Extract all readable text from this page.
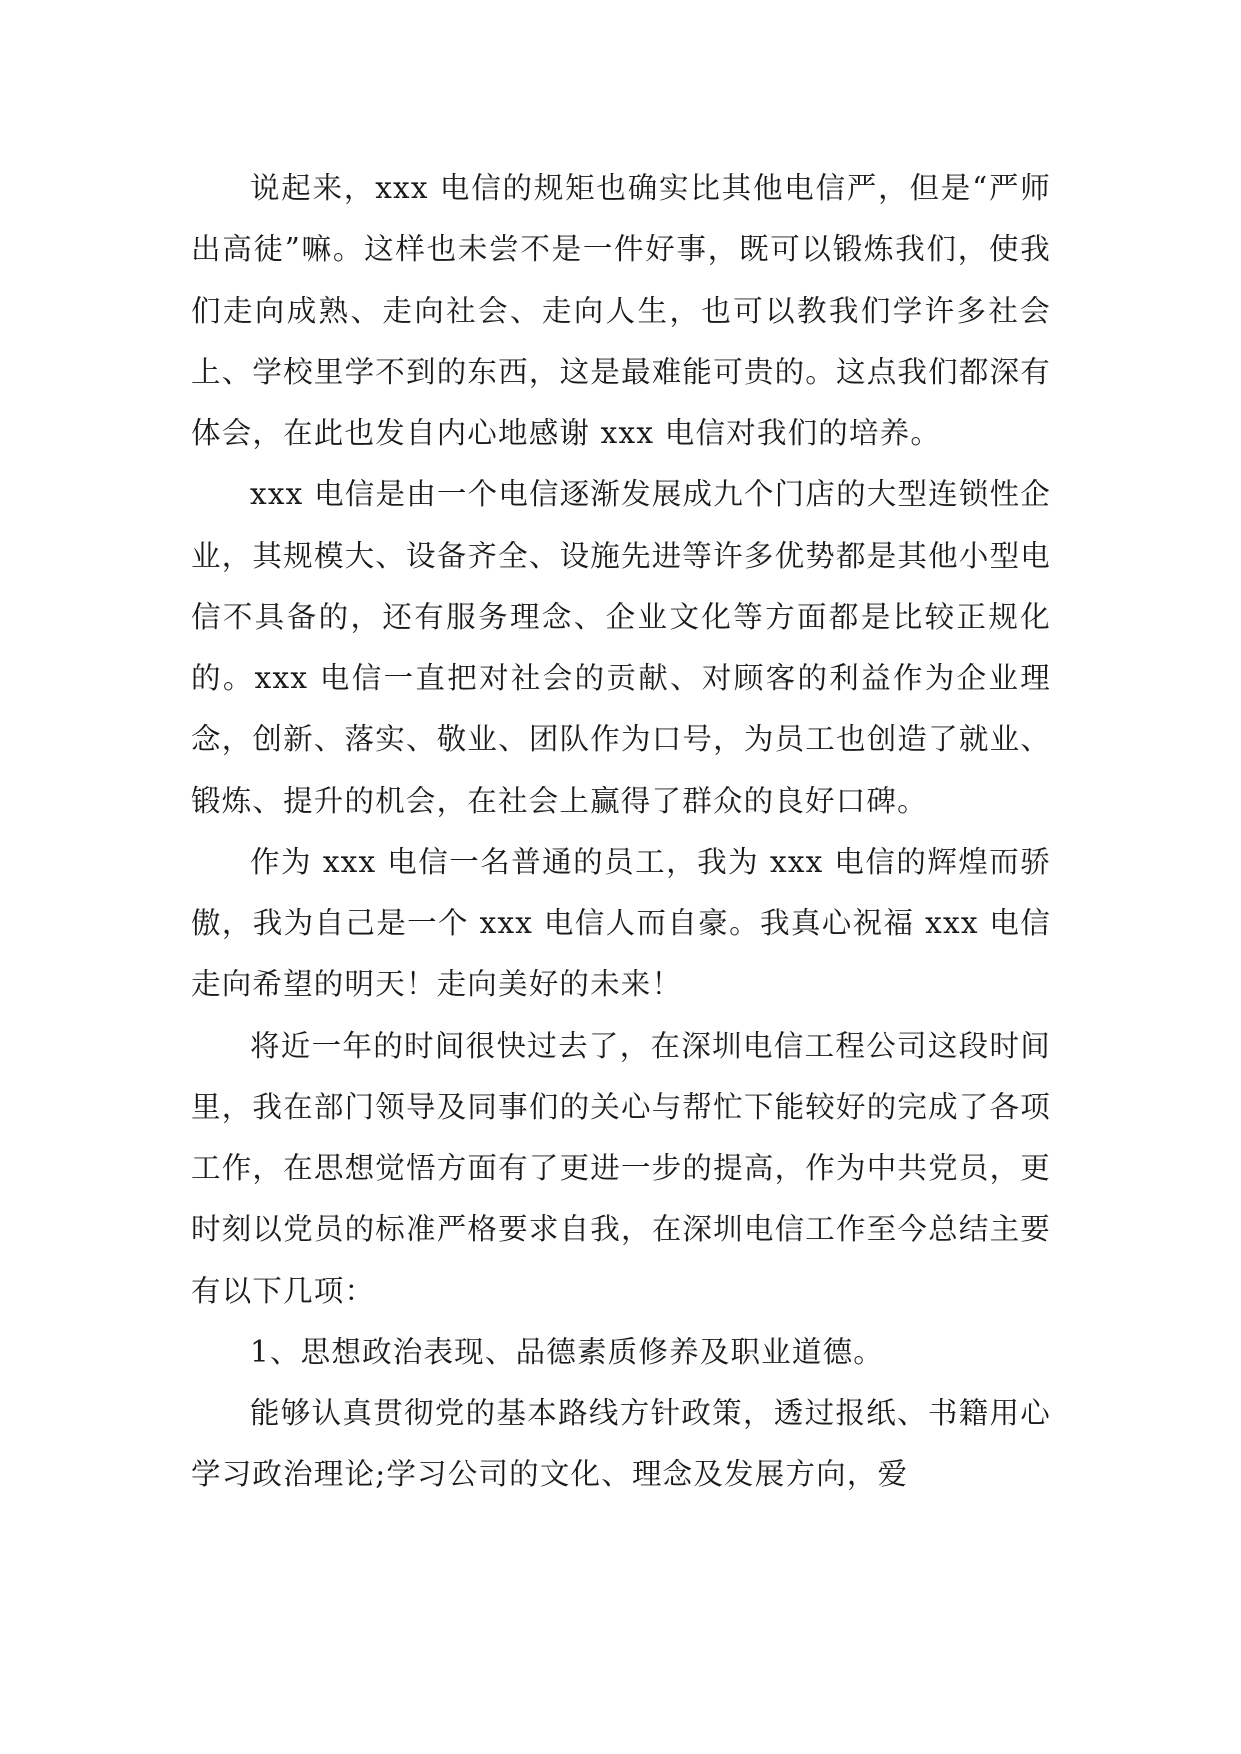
说起来，xxx 电信的规矩也确实比其他电信严，但是“严师出高徒”嘛。这样也未尝不是一件好事，既可以锻炼我们，使我们走向成熟、走向社会、走向人生，也可以教我们学许多社会上、学校里学不到的东西，这是最难能可贵的。这点我们都深有体会，在此也发自内心地感谢 xxx 电信对我们的培养。

xxx 电信是由一个电信逐渐发展成九个门店的大型连锁性企业，其规模大、设备齐全、设施先进等许多优势都是其他小型电信不具备的，还有服务理念、企业文化等方面都是比较正规化的。xxx 电信一直把对社会的贡献、对顾客的利益作为企业理念，创新、落实、敬业、团队作为口号，为员工也创造了就业、锻炼、提升的机会，在社会上赢得了群众的良好口碑。

作为 xxx 电信一名普通的员工，我为 xxx 电信的辉煌而骄傲，我为自己是一个 xxx 电信人而自豪。我真心祝福 xxx 电信走向希望的明天！走向美好的未来！

将近一年的时间很快过去了，在深圳电信工程公司这段时间里，我在部门领导及同事们的关心与帮忙下能较好的完成了各项工作，在思想觉悟方面有了更进一步的提高，作为中共党员，更时刻以党员的标准严格要求自我，在深圳电信工作至今总结主要有以下几项：

1、思想政治表现、品德素质修养及职业道德。

能够认真贯彻党的基本路线方针政策，透过报纸、书籍用心学习政治理论;学习公司的文化、理念及发展方向，爱
